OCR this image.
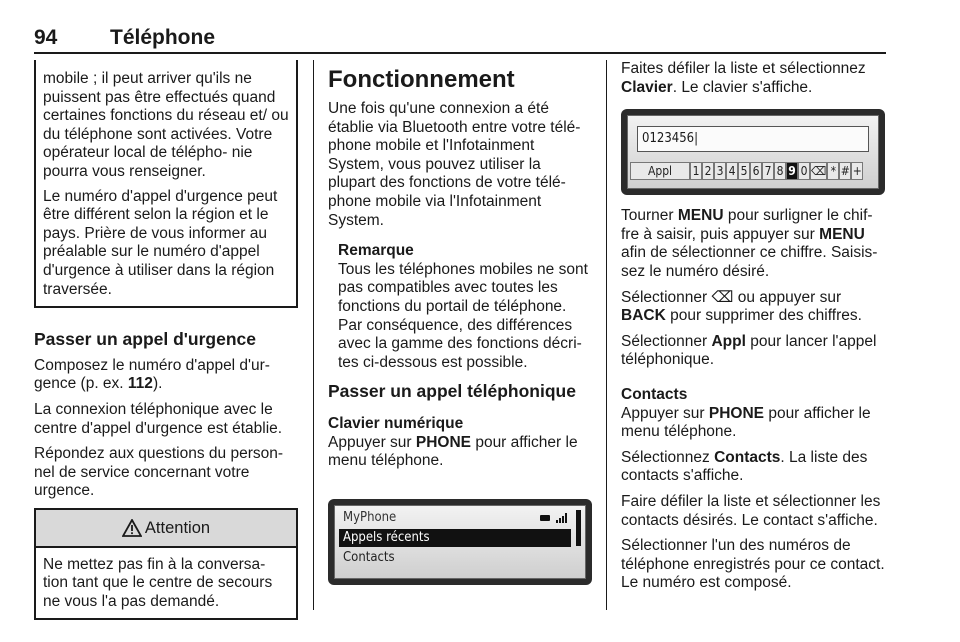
94	Téléphone

mobile ; il peut arriver qu'ils ne puissent pas être effectués quand certaines fonctions du réseau et/ ou du téléphone sont activées. Votre opérateur local de télépho- nie pourra vous renseigner.

Le numéro d'appel d'urgence peut être différent selon la région et le pays. Prière de vous informer au préalable sur le numéro d'appel d'urgence à utiliser dans la région traversée.

Passer un appel d'urgence

Composez le numéro d'appel d'ur- gence (p. ex. 112).

La connexion téléphonique avec le centre d'appel d'urgence est établie.

Répondez aux questions du person- nel de service concernant votre urgence.

Attention
Ne mettez pas fin à la conversa- tion tant que le centre de secours ne vous l'a pas demandé.
Fonctionnement

Une fois qu'une connexion a été établie via Bluetooth entre votre télé- phone mobile et l'Infotainment System, vous pouvez utiliser la plupart des fonctions de votre télé- phone mobile via l'Infotainment System.

Remarque
Tous les téléphones mobiles ne sont pas compatibles avec toutes les fonctions du portail de téléphone. Par conséquence, des différences avec la gamme des fonctions décri- tes ci-dessous est possible.
Passer un appel téléphonique
Clavier numérique

Appuyer sur PHONE pour afficher le menu téléphone.

MyPhone
Appels récents
Contacts

Faites défiler la liste et sélectionnez Clavier. Le clavier s'affiche.

0123456|
Appl	1 2 3 4 5 6 7 8 9 0 ⌫ * # +

Tourner MENU pour surligner le chif- fre à saisir, puis appuyer sur MENU afin de sélectionner ce chiffre. Saisis- sez le numéro désiré.

Sélectionner ⌫ ou appuyer sur BACK pour supprimer des chiffres.

Sélectionner Appl pour lancer l'appel téléphonique.

Contacts

Appuyer sur PHONE pour afficher le menu téléphone.

Sélectionnez Contacts. La liste des contacts s'affiche.

Faire défiler la liste et sélectionner les contacts désirés. Le contact s'affiche.

Sélectionner l'un des numéros de téléphone enregistrés pour ce contact. Le numéro est composé.
